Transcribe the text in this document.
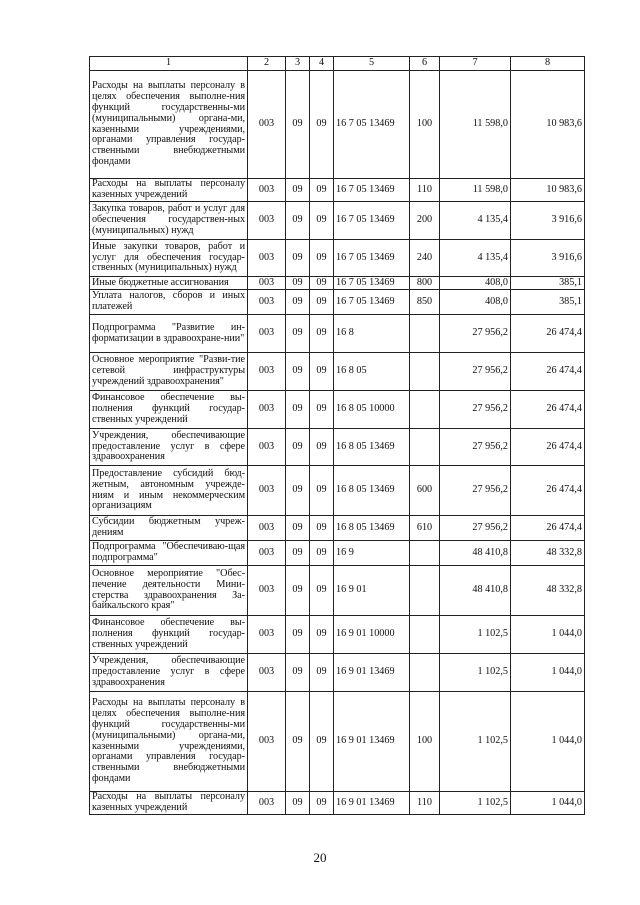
1	2	3	4	5	6	7	8
Расходы на выплаты персоналу в целях обеспечения выполне-ния функций государственны-ми (муниципальными) органа-ми, казенными учреждениями, органами управления государ-ственными внебюджетными фондами	003	09	09	16 7 05 13469	100	11 598,0	10 983,6
Расходы на выплаты персоналу казенных учреждений	003	09	09	16 7 05 13469	110	11 598,0	10 983,6
Закупка товаров, работ и услуг для обеспечения государствен-ных (муниципальных) нужд	003	09	09	16 7 05 13469	200	4 135,4	3 916,6
Иные закупки товаров, работ и услуг для обеспечения государ-ственных (муниципальных) нужд	003	09	09	16 7 05 13469	240	4 135,4	3 916,6
Иные бюджетные ассигнования	003	09	09	16 7 05 13469	800	408,0	385,1
Уплата налогов, сборов и иных платежей	003	09	09	16 7 05 13469	850	408,0	385,1
Подпрограмма "Развитие ин-форматизации в здравоохране-нии"	003	09	09	16 8		27 956,2	26 474,4
Основное мероприятие "Разви-тие сетевой инфраструктуры учреждений здравоохранения"	003	09	09	16 8 05		27 956,2	26 474,4
Финансовое обеспечение вы-полнения функций государ-ственных учреждений	003	09	09	16 8 05 10000		27 956,2	26 474,4
Учреждения, обеспечивающие предоставление услуг в сфере здравоохранения	003	09	09	16 8 05 13469		27 956,2	26 474,4
Предоставление субсидий бюд-жетным, автономным учрежде-ниям и иным некоммерческим организациям	003	09	09	16 8 05 13469	600	27 956,2	26 474,4
Субсидии бюджетным учреж-дениям	003	09	09	16 8 05 13469	610	27 956,2	26 474,4
Подпрограмма "Обеспечиваю-щая подпрограмма"	003	09	09	16 9		48 410,8	48 332,8
Основное мероприятие "Обес-печение деятельности Мини-стерства здравоохранения За-байкальского края"	003	09	09	16 9 01		48 410,8	48 332,8
Финансовое обеспечение вы-полнения функций государ-ственных учреждений	003	09	09	16 9 01 10000		1 102,5	1 044,0
Учреждения, обеспечивающие предоставление услуг в сфере здравоохранения	003	09	09	16 9 01 13469		1 102,5	1 044,0
Расходы на выплаты персоналу в целях обеспечения выполне-ния функций государственны-ми (муниципальными) органа-ми, казенными учреждениями, органами управления государ-ственными внебюджетными фондами	003	09	09	16 9 01 13469	100	1 102,5	1 044,0
Расходы на выплаты персоналу казенных учреждений	003	09	09	16 9 01 13469	110	1 102,5	1 044,0
20
